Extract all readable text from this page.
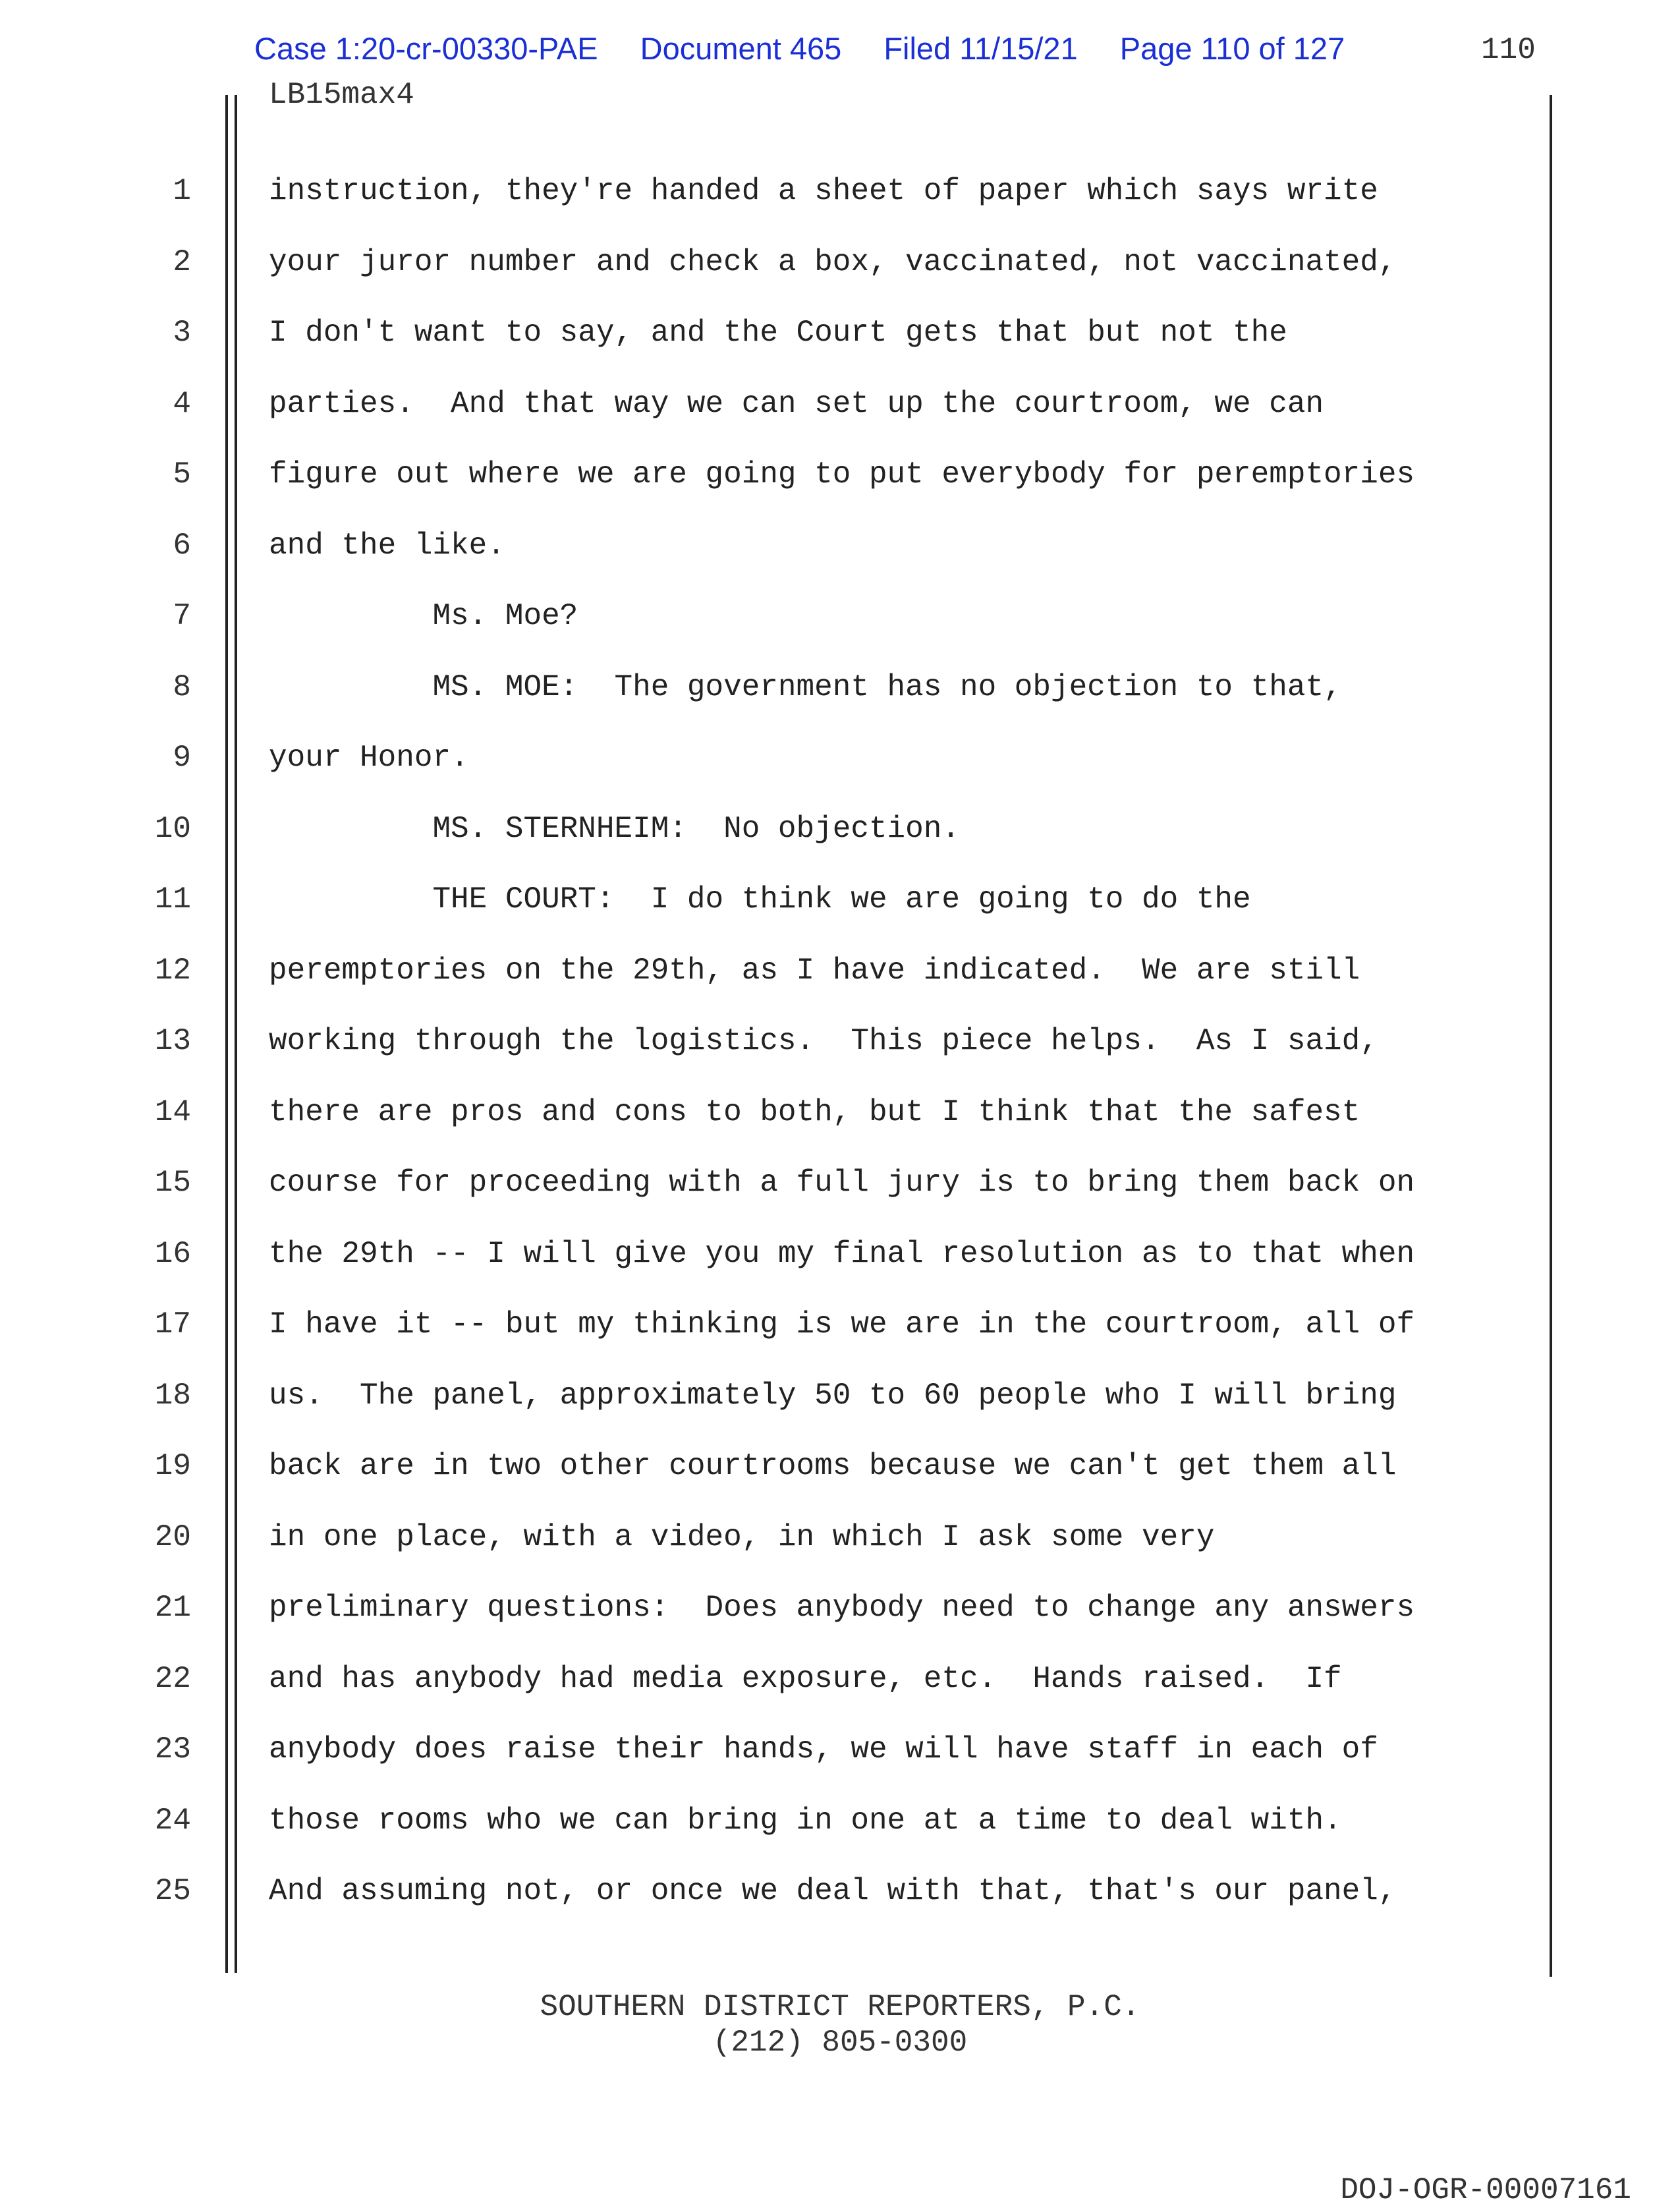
Case 1:20-cr-00330-PAE Document 465 Filed 11/15/21 Page 110 of 127	110
LB15max4
1	instruction, they're handed a sheet of paper which says write
2	your juror number and check a box, vaccinated, not vaccinated,
3	I don't want to say, and the Court gets that but not the
4	parties.  And that way we can set up the courtroom, we can
5	figure out where we are going to put everybody for peremptories
6	and the like.
7	Ms. Moe?
8	MS. MOE:  The government has no objection to that,
9	your Honor.
10	MS. STERNHEIM:  No objection.
11	THE COURT:  I do think we are going to do the
12	peremptories on the 29th, as I have indicated.  We are still
13	working through the logistics.  This piece helps.  As I said,
14	there are pros and cons to both, but I think that the safest
15	course for proceeding with a full jury is to bring them back on
16	the 29th -- I will give you my final resolution as to that when
17	I have it -- but my thinking is we are in the courtroom, all of
18	us.  The panel, approximately 50 to 60 people who I will bring
19	back are in two other courtrooms because we can't get them all
20	in one place, with a video, in which I ask some very
21	preliminary questions:  Does anybody need to change any answers
22	and has anybody had media exposure, etc.  Hands raised.  If
23	anybody does raise their hands, we will have staff in each of
24	those rooms who we can bring in one at a time to deal with.
25	And assuming not, or once we deal with that, that's our panel,
SOUTHERN DISTRICT REPORTERS, P.C.
(212) 805-0300
DOJ-OGR-00007161
